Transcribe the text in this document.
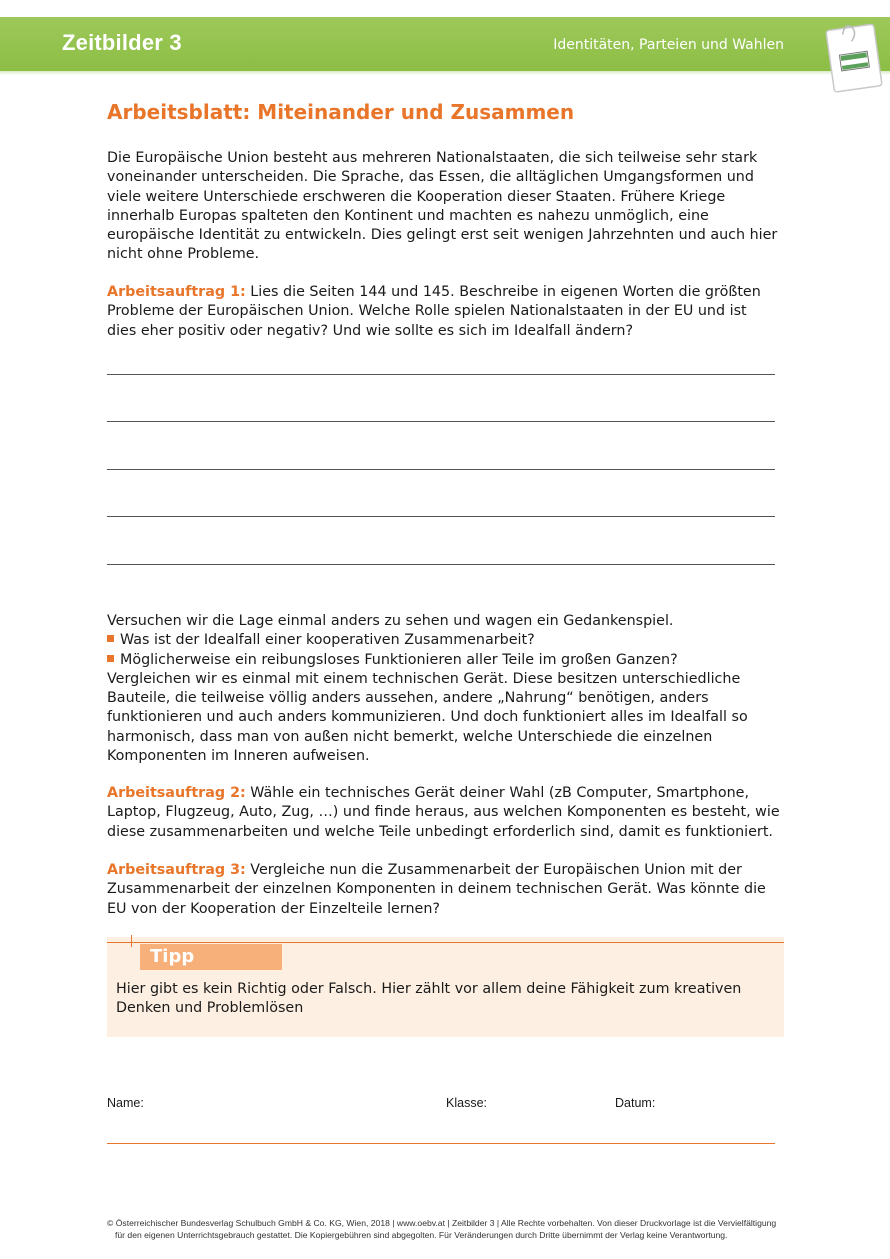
Zeitbilder 3	Identitäten, Parteien und Wahlen
Arbeitsblatt: Miteinander und Zusammen
Die Europäische Union besteht aus mehreren Nationalstaaten, die sich teilweise sehr stark
voneinander unterscheiden. Die Sprache, das Essen, die alltäglichen Umgangsformen und
viele weitere Unterschiede erschweren die Kooperation dieser Staaten. Frühere Kriege
innerhalb Europas spalteten den Kontinent und machten es nahezu unmöglich, eine
europäische Identität zu entwickeln. Dies gelingt erst seit wenigen Jahrzehnten und auch hier
nicht ohne Probleme.
Arbeitsauftrag 1: Lies die Seiten 144 und 145. Beschreibe in eigenen Worten die größten
Probleme der Europäischen Union. Welche Rolle spielen Nationalstaaten in der EU und ist
dies eher positiv oder negativ? Und wie sollte es sich im Idealfall ändern?
Versuchen wir die Lage einmal anders zu sehen und wagen ein Gedankenspiel.
Was ist der Idealfall einer kooperativen Zusammenarbeit?
Möglicherweise ein reibungsloses Funktionieren aller Teile im großen Ganzen?
Vergleichen wir es einmal mit einem technischen Gerät. Diese besitzen unterschiedliche
Bauteile, die teilweise völlig anders aussehen, andere „Nahrung“ benötigen, anders
funktionieren und auch anders kommunizieren. Und doch funktioniert alles im Idealfall so
harmonisch, dass man von außen nicht bemerkt, welche Unterschiede die einzelnen
Komponenten im Inneren aufweisen.
Arbeitsauftrag 2: Wähle ein technisches Gerät deiner Wahl (zB Computer, Smartphone,
Laptop, Flugzeug, Auto, Zug, …) und finde heraus, aus welchen Komponenten es besteht, wie
diese zusammenarbeiten und welche Teile unbedingt erforderlich sind, damit es funktioniert.
Arbeitsauftrag 3: Vergleiche nun die Zusammenarbeit der Europäischen Union mit der
Zusammenarbeit der einzelnen Komponenten in deinem technischen Gerät. Was könnte die
EU von der Kooperation der Einzelteile lernen?
Tipp
Hier gibt es kein Richtig oder Falsch. Hier zählt vor allem deine Fähigkeit zum kreativen
Denken und Problemlösen
Name:	Klasse:	Datum:
© Österreichischer Bundesverlag Schulbuch GmbH & Co. KG, Wien, 2018 | www.oebv.at | Zeitbilder 3 | Alle Rechte vorbehalten. Von dieser Druckvorlage ist die Vervielfältigung
für den eigenen Unterrichtsgebrauch gestattet. Die Kopiergebühren sind abgegolten. Für Veränderungen durch Dritte übernimmt der Verlag keine Verantwortung.
